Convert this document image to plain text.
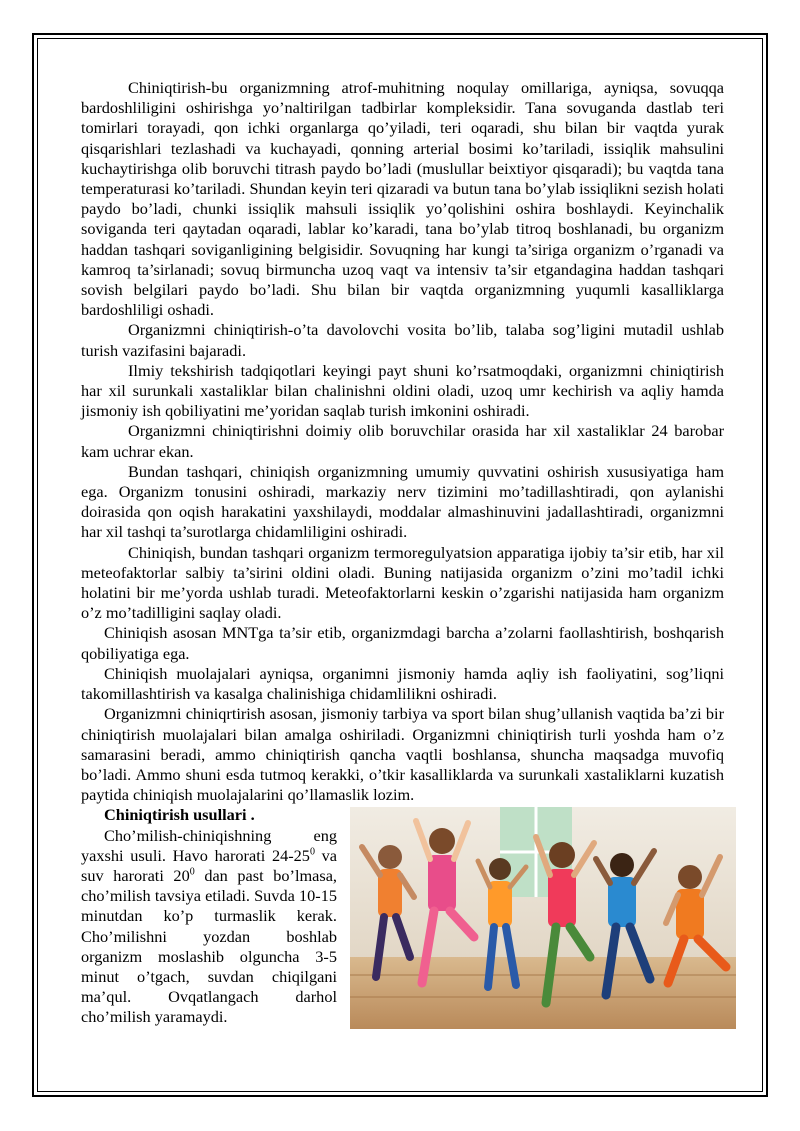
Chiniqtirish-bu organizmning atrof-muhitning noqulay omillariga, ayniqsa, sovuqqa bardoshliligini oshirishga yo’naltirilgan tadbirlar kompleksidir. Tana sovuganda dastlab teri tomirlari torayadi, qon ichki organlarga qo’yiladi, teri oqaradi, shu bilan bir vaqtda yurak qisqarishlari tezlashadi va kuchayadi, qonning arterial bosimi ko’tariladi, issiqlik mahsulini kuchaytirishga olib boruvchi titrash paydo bo’ladi (muslullar beixtiyor qisqaradi); bu vaqtda tana temperaturasi ko’tariladi. Shundan keyin teri qizaradi va butun tana bo’ylab issiqlikni sezish holati paydo bo’ladi, chunki issiqlik mahsuli issiqlik yo’qolishini oshira boshlaydi. Keyinchalik soviganda teri qaytadan oqaradi, lablar ko’karadi, tana bo’ylab titroq boshlanadi, bu organizm haddan tashqari soviganligining belgisidir. Sovuqning har kungi ta’siriga organizm o’rganadi va kamroq ta’sirlanadi; sovuq birmuncha uzoq vaqt va intensiv ta’sir etgandagina haddan tashqari sovish belgilari paydo bo’ladi. Shu bilan bir vaqtda organizmning yuqumli kasalliklarga bardoshliligi oshadi.

Organizmni chiniqtirish-o’ta davolovchi vosita bo’lib, talaba sog’ligini mutadil ushlab turish vazifasini bajaradi.

Ilmiy tekshirish tadqiqotlari keyingi payt shuni ko’rsatmoqdaki, organizmni chiniqtirish har xil surunkali xastaliklar bilan chalinishni oldini oladi, uzoq umr kechirish va aqliy hamda jismoniy ish qobiliyatini me’yoridan saqlab turish imkonini oshiradi.

Organizmni chiniqtirishni doimiy olib boruvchilar orasida har xil xastaliklar 24 barobar kam uchrar ekan.

Bundan tashqari, chiniqish organizmning umumiy quvvatini oshirish xususiyatiga ham ega. Organizm tonusini oshiradi, markaziy nerv tizimini mo’tadillashtiradi, qon aylanishi doirasida qon oqish harakatini yaxshilaydi, moddalar almashinuvini jadallashtiradi, organizmni har xil tashqi ta’surotlarga chidamliligini oshiradi.

Chiniqish, bundan tashqari organizm termoregulyatsion apparatiga ijobiy ta’sir etib, har xil meteofaktorlar salbiy ta’sirini oldini oladi. Buning natijasida organizm o’zini mo’tadil ichki holatini bir me’yorda ushlab turadi. Meteofaktorlarni keskin o’zgarishi natijasida ham organizm o’z mo’tadilligini saqlay oladi.

Chiniqish asosan MNTga ta’sir etib, organizmdagi barcha a’zolarni faollashtirish, boshqarish qobiliyatiga ega.

Chiniqish muolajalari ayniqsa, organimni jismoniy hamda aqliy ish faoliyatini, sog’liqni takomillashtirish va kasalga chalinishiga chidamlilikni oshiradi.

Organizmni chiniqrtirish asosan, jismoniy tarbiya va sport bilan shug’ullanish vaqtida ba’zi bir chiniqtirish muolajalari bilan amalga oshiriladi. Organizmni chiniqtirish turli yoshda ham o’z samarasini beradi, ammo chiniqtirish qancha vaqtli boshlansa, shuncha maqsadga muvofiq bo’ladi. Ammo shuni esda tutmoq kerakki, o’tkir kasalliklarda va surunkali xastaliklarni kuzatish paytida chiniqish muolajalarini qo’llamaslik lozim.

Chiniqtirish usullari .

Cho’milish-chiniqishning eng yaxshi usuli. Havo harorati $24-25^0$ va suv harorati $20^0$ dan past bo’lmasa, cho’milish tavsiya etiladi. Suvda 10-15 minutdan ko’p turmaslik kerak. Cho’milishni yozdan boshlab organizm moslashib olguncha 3-5 minut o’tgach, suvdan chiqilgani ma’qul. Ovqatlangach darhol cho’milish yaramaydi.
